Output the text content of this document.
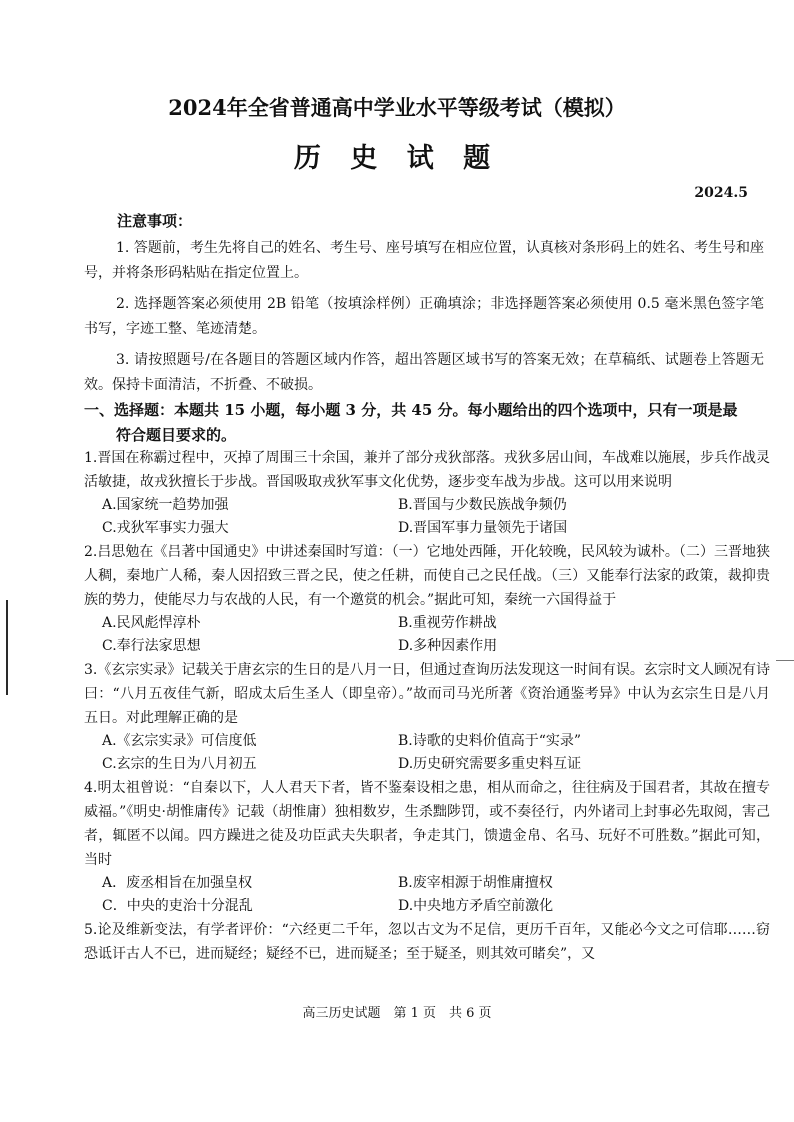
2024年全省普通高中学业水平等级考试（模拟）
历 史 试 题
2024.5
注意事项：

1. 答题前，考生先将自己的姓名、考生号、座号填写在相应位置，认真核对条形码上的姓名、考生号和座号，并将条形码粘贴在指定位置上。

2. 选择题答案必须使用 2B 铅笔（按填涂样例）正确填涂；非选择题答案必须使用 0.5 毫米黑色签字笔书写，字迹工整、笔迹清楚。

3. 请按照题号/在各题目的答题区域内作答，超出答题区域书写的答案无效；在草稿纸、试题卷上答题无效。保持卡面清洁，不折叠、不破损。

一、选择题：本题共 15 小题，每小题 3 分，共 45 分。每小题给出的四个选项中，只有一项是最
符合题目要求的。

1.晋国在称霸过程中，灭掉了周围三十余国，兼并了部分戎狄部落。戎狄多居山间，车战难以施展，步兵作战灵活敏捷，故戎狄擅长于步战。晋国吸取戎狄军事文化优势，逐步变车战为步战。这可以用来说明

A.国家统一趋势加强	B.晋国与少数民族战争频仍
C.戎狄军事实力强大	D.晋国军事力量领先于诸国

2.吕思勉在《吕著中国通史》中讲述秦国时写道：（一）它地处西陲，开化较晚，民风较为诚朴。（二）三晋地狭人稠，秦地广人稀，秦人因招致三晋之民，使之任耕，而使自己之民任战。（三）又能奉行法家的政策，裁抑贵族的势力，使能尽力与农战的人民，有一个邀赏的机会。”据此可知，秦统一六国得益于

A.民风彪悍淳朴	B.重视劳作耕战
C.奉行法家思想	D.多种因素作用

3.《玄宗实录》记载关于唐玄宗的生日的是八月一日，但通过查询历法发现这一时间有误。玄宗时文人顾况有诗曰：“八月五夜佳气新，昭成太后生圣人（即皇帝）。”故而司马光所著《资治通鉴考异》中认为玄宗生日是八月五日。对此理解正确的是

A.《玄宗实录》可信度低	B.诗歌的史料价值高于“实录”
C.玄宗的生日为八月初五	D.历史研究需要多重史料互证

4.明太祖曾说：“自秦以下，人人君天下者，皆不鉴秦设相之患，相从而命之，往往病及于国君者，其故在擅专威福。”《明史·胡惟庸传》记载（胡惟庸）独相数岁，生杀黜陟罚，或不奏径行，内外诸司上封事必先取阅，害己者，辄匿不以闻。四方躁进之徒及功臣武夫失职者，争走其门，馈遗金帛、名马、玩好不可胜数。”据此可知，当时

A．废丞相旨在加强皇权	B.废宰相源于胡惟庸擅权
C．中央的吏治十分混乱	D.中央地方矛盾空前激化

5.论及维新变法，有学者评价：“六经更二千年，忽以古文为不足信，更历千百年，又能必今文之可信耶……窃恐诋讦古人不已，进而疑经；疑经不已，进而疑圣；至于疑圣，则其效可睹矣”，又

高三历史试题　第 1 页　共 6 页
